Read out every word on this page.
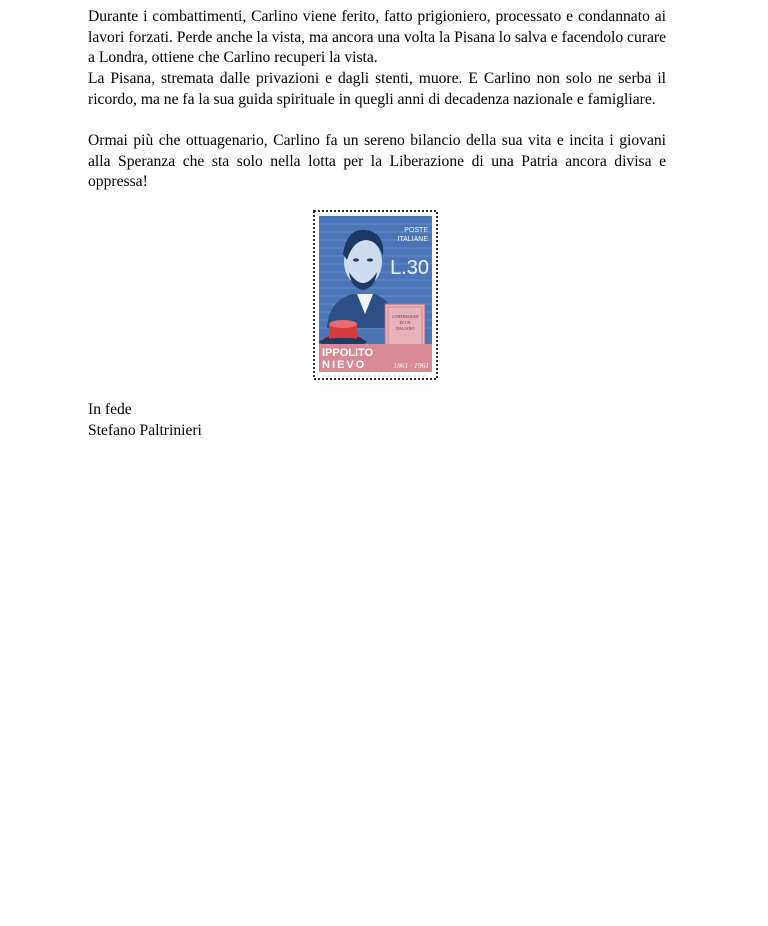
Durante i combattimenti, Carlino viene ferito, fatto prigioniero, processato e condannato ai lavori forzati. Perde anche la vista, ma ancora una volta la Pisana lo salva e facendolo curare a Londra, ottiene che Carlino recuperi la vista.

La Pisana, stremata dalle privazioni e dagli stenti, muore. E Carlino non solo ne serba il ricordo, ma ne fa la sua guida spirituale in quegli anni di decadenza nazionale e famigliare.

Ormai più che ottuagenario, Carlino fa un sereno bilancio della sua vita e incita i giovani alla Speranza che sta solo nella lotta per la Liberazione di una Patria ancora divisa e oppressa!

POSTE
ITALIANE
L.30
CONFESSIONI
DI UN
ITALIANO
IPPOLITO
NIEVO	1861 · 1961

In fede

Stefano Paltrinieri
